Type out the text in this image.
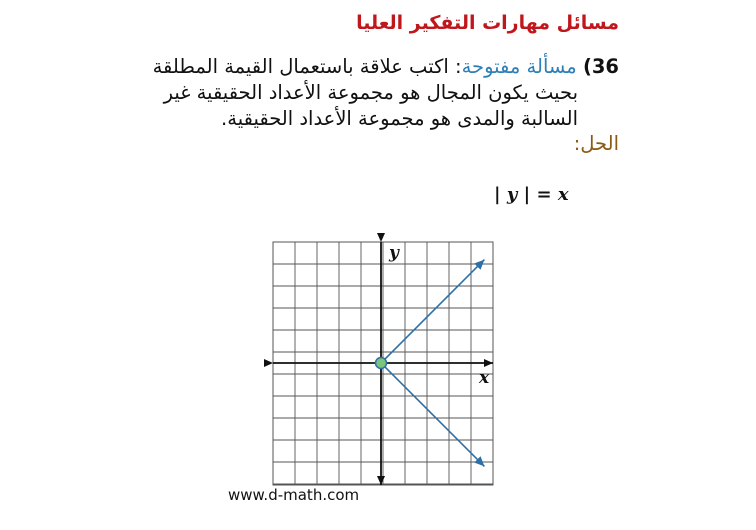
مسائل مهارات التفكير العليا
36) مسألة مفتوحة: اكتب علاقة باستعمال القيمة المطلقة
بحيث يكون المجال هو مجموعة الأعداد الحقيقية غير
السالبة والمدى هو مجموعة الأعداد الحقيقية.
الحل:
| y | = x
x
y
www.d-math.com
